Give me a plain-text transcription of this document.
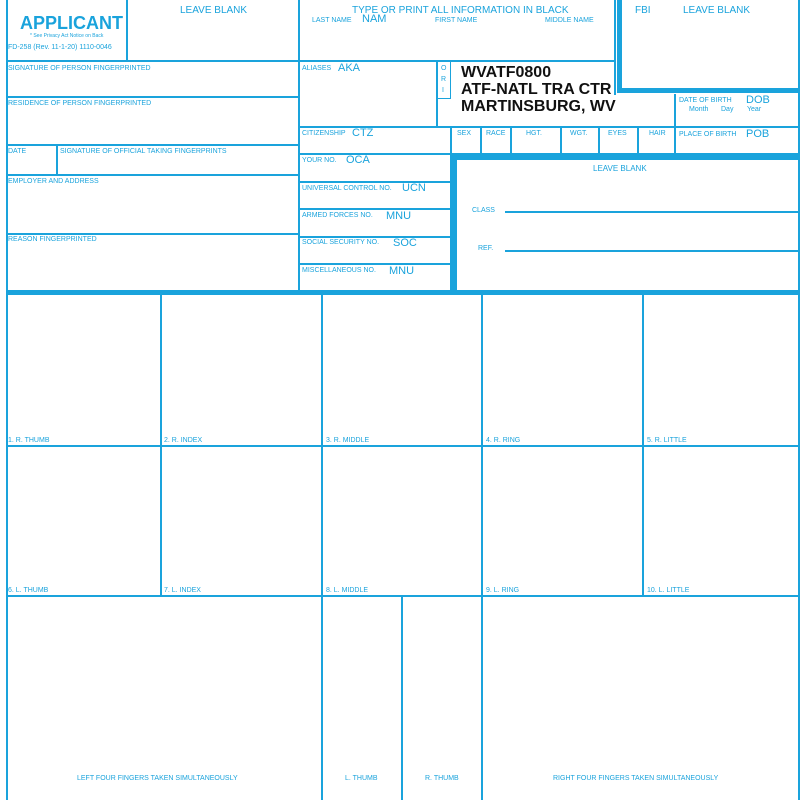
APPLICANT
* See Privacy Act Notice on Back
FD-258 (Rev. 11-1-20) 1110-0046
LEAVE BLANK	TYPE OR PRINT ALL INFORMATION IN BLACK
LAST NAME NAM	FIRST NAME	MIDDLE NAME
FBI	LEAVE BLANK
SIGNATURE OF PERSON FINGERPRINTED
RESIDENCE OF PERSON FINGERPRINTED
DATE	SIGNATURE OF OFFICIAL TAKING FINGERPRINTS
EMPLOYER AND ADDRESS
REASON FINGERPRINTED
ALIASES AKA
CITIZENSHIP CTZ
YOUR NO. OCA
UNIVERSAL CONTROL NO. UCN
ARMED FORCES NO. MNU
SOCIAL SECURITY NO. SOC
MISCELLANEOUS NO. MNU
O
R
I
WVATF0800
ATF-NATL TRA CTR
MARTINSBURG, WV	DATE OF BIRTH DOB
Month Day Year
SEX RACE	HGT.	WGT.	EYES	HAIR PLACE OF BIRTH POB
LEAVE BLANK
CLASS
REF.
1. R. THUMB	2. R. INDEX	3. R. MIDDLE	4. R. RING	5. R. LITTLE
6. L. THUMB	7. L. INDEX	8. L. MIDDLE	9. L. RING	10. L. LITTLE
LEFT FOUR FINGERS TAKEN SIMULTANEOUSLY	L. THUMB	R. THUMB	RIGHT FOUR FINGERS TAKEN SIMULTANEOUSLY
